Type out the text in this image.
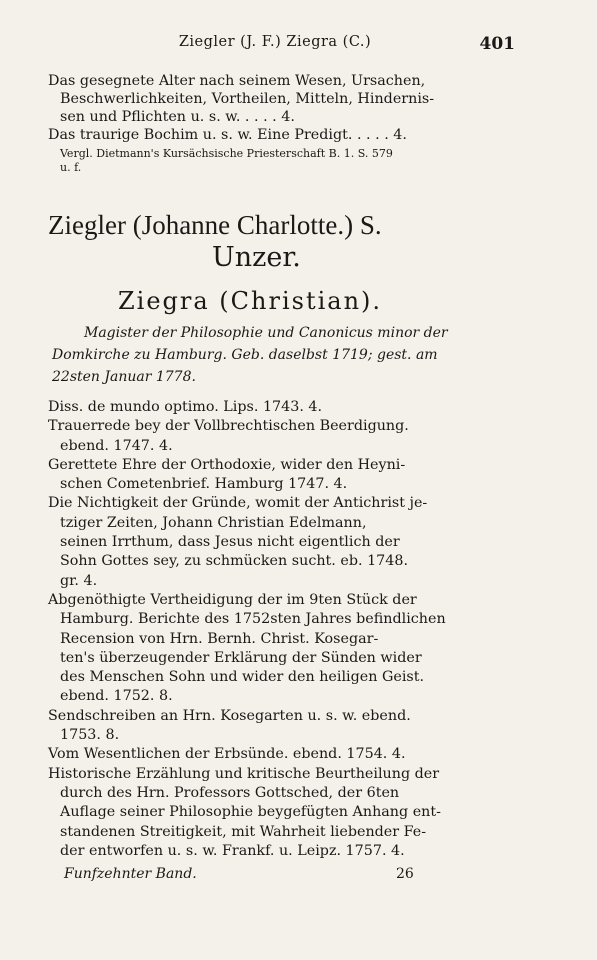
Ziegler (J. F.) Ziegra (C.)	401
Das gesegnete Alter nach seinem Wesen, Ursachen,
Beschwerlichkeiten, Vortheilen, Mitteln, Hindernis-
sen und Pflichten u. s. w. . . . . 4.
Das traurige Bochim u. s. w. Eine Predigt. . . . . 4.
Vergl. Dietmann's Kursächsische Priesterschaft B. 1. S. 579
u. f.
Ziegler (Johanne Charlotte.) S.
Unzer.
Ziegra (Christian).
Magister der Philosophie und Canonicus minor der
Domkirche zu Hamburg. Geb. daselbst 1719; gest. am
22sten Januar 1778.
Diss. de mundo optimo. Lips. 1743. 4.
Trauerrede bey der Vollbrechtischen Beerdigung.
ebend. 1747. 4.
Gerettete Ehre der Orthodoxie, wider den Heyni-
schen Cometenbrief. Hamburg 1747. 4.
Die Nichtigkeit der Gründe, womit der Antichrist je-
tziger Zeiten, Johann Christian Edelmann,
seinen Irrthum, dass Jesus nicht eigentlich der
Sohn Gottes sey, zu schmücken sucht. eb. 1748.
gr. 4.
Abgenöthigte Vertheidigung der im 9ten Stück der
Hamburg. Berichte des 1752sten Jahres befindlichen
Recension von Hrn. Bernh. Christ. Kosegar-
ten's überzeugender Erklärung der Sünden wider
des Menschen Sohn und wider den heiligen Geist.
ebend. 1752. 8.
Sendschreiben an Hrn. Kosegarten u. s. w. ebend.
1753. 8.
Vom Wesentlichen der Erbsünde. ebend. 1754. 4.
Historische Erzählung und kritische Beurtheilung der
durch des Hrn. Professors Gottsched, der 6ten
Auflage seiner Philosophie beygefügten Anhang ent-
standenen Streitigkeit, mit Wahrheit liebender Fe-
der entworfen u. s. w. Frankf. u. Leipz. 1757. 4.
Funfzehnter Band.	26
